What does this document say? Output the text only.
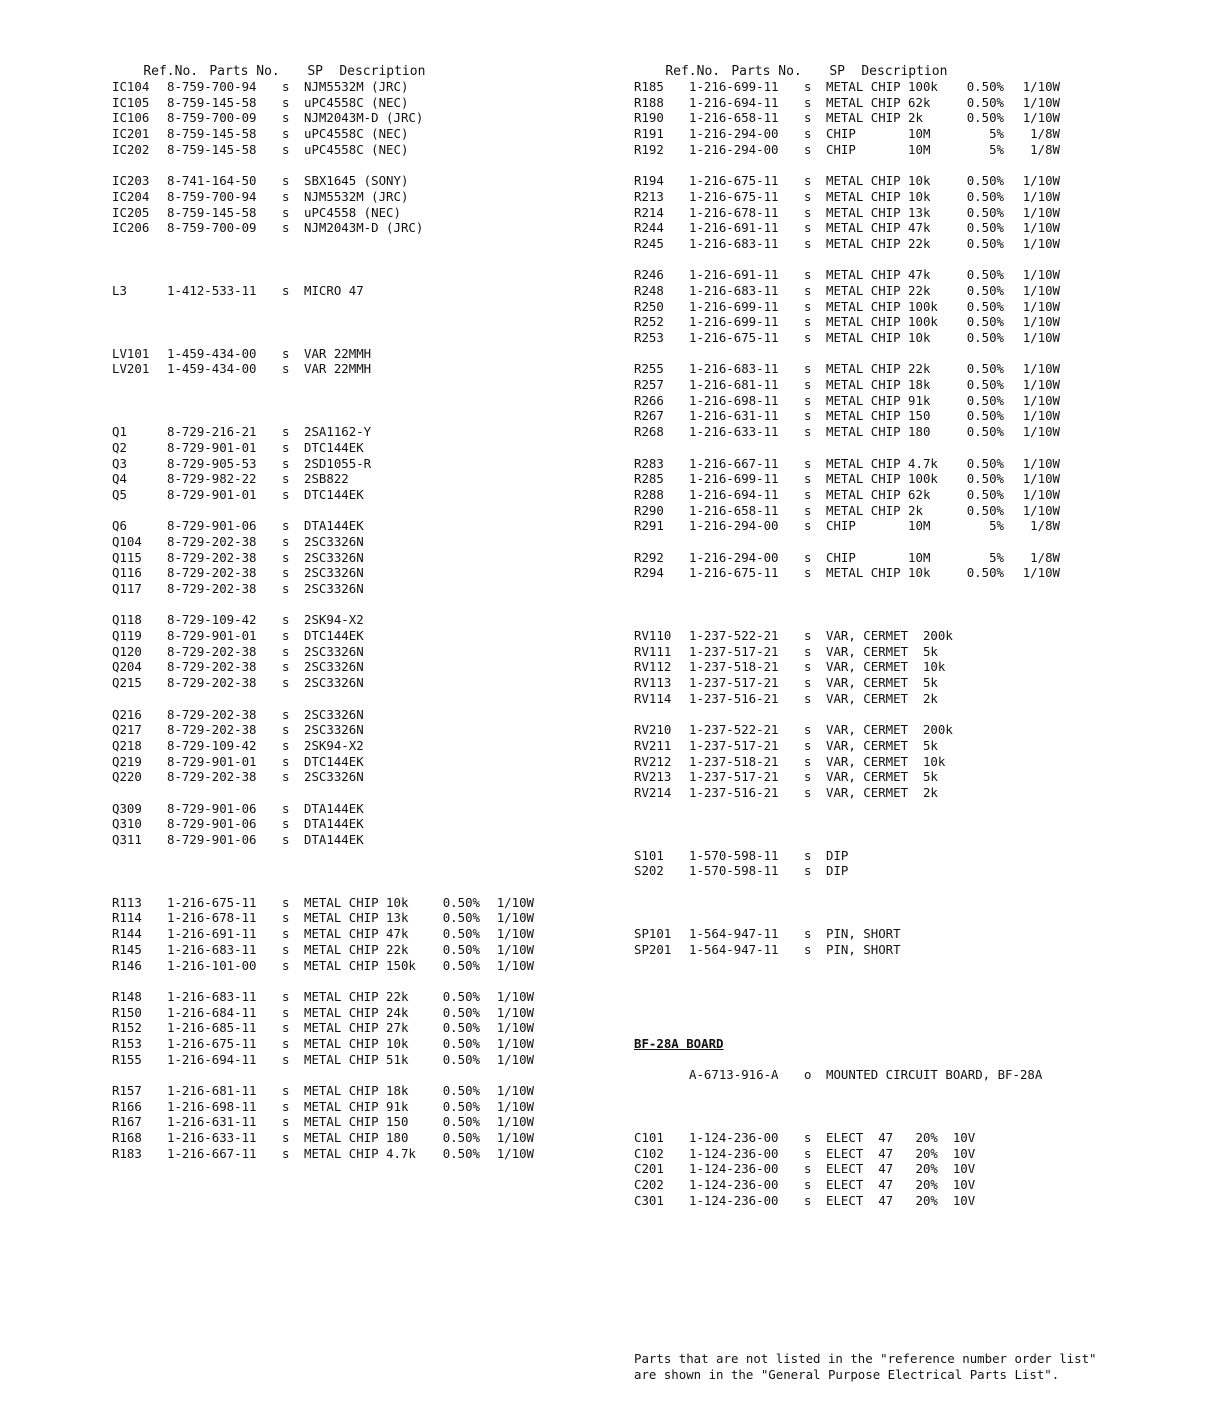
Ref.No. Parts No. SP Description

IC104 8-759-700-94 s NJM5532M (JRC)
IC105 8-759-145-58 s uPC4558C (NEC)
IC106 8-759-700-09 s NJM2043M-D (JRC)
IC201 8-759-145-58 s uPC4558C (NEC)
IC202 8-759-145-58 s uPC4558C (NEC)
IC203 8-741-164-50 s SBX1645 (SONY)
IC204 8-759-700-94 s NJM5532M (JRC)
IC205 8-759-145-58 s uPC4558 (NEC)
IC206 8-759-700-09 s NJM2043M-D (JRC)
L3	1-412-533-11 s MICRO 47
LV101 1-459-434-00 s VAR 22MMH
LV201 1-459-434-00 s VAR 22MMH
Q1	8-729-216-21 s 2SA1162-Y
Q2	8-729-901-01 s DTC144EK
Q3	8-729-905-53 s 2SD1055-R
Q4	8-729-982-22 s 2SB822
Q5	8-729-901-01 s DTC144EK
Q6	8-729-901-06 s DTA144EK
Q104 8-729-202-38 s 2SC3326N
Q115 8-729-202-38 s 2SC3326N
Q116 8-729-202-38 s 2SC3326N
Q117 8-729-202-38 s 2SC3326N
Q118 8-729-109-42 s 2SK94-X2
Q119 8-729-901-01 s DTC144EK
Q120 8-729-202-38 s 2SC3326N
Q204 8-729-202-38 s 2SC3326N
Q215 8-729-202-38 s 2SC3326N
Q216 8-729-202-38 s 2SC3326N
Q217 8-729-202-38 s 2SC3326N
Q218 8-729-109-42 s 2SK94-X2
Q219 8-729-901-01 s DTC144EK
Q220 8-729-202-38 s 2SC3326N
Q309 8-729-901-06 s DTA144EK
Q310 8-729-901-06 s DTA144EK
Q311 8-729-901-06 s DTA144EK
R113 1-216-675-11 s METAL CHIP 10k	0.50%	1/10W
R114 1-216-678-11 s METAL CHIP 13k	0.50%	1/10W
R144 1-216-691-11 s METAL CHIP 47k	0.50%	1/10W
R145 1-216-683-11 s METAL CHIP 22k	0.50%	1/10W
R146 1-216-101-00 s METAL CHIP 150k	0.50%	1/10W
R148 1-216-683-11 s METAL CHIP 22k	0.50%	1/10W
R150 1-216-684-11 s METAL CHIP 24k	0.50%	1/10W
R152 1-216-685-11 s METAL CHIP 27k	0.50%	1/10W
R153 1-216-675-11 s METAL CHIP 10k	0.50%	1/10W
R155 1-216-694-11 s METAL CHIP 51k	0.50%	1/10W
R157 1-216-681-11 s METAL CHIP 18k	0.50%	1/10W
R166 1-216-698-11 s METAL CHIP 91k	0.50%	1/10W
R167 1-216-631-11 s METAL CHIP 150	0.50%	1/10W
R168 1-216-633-11 s METAL CHIP 180	0.50%	1/10W
R183 1-216-667-11 s METAL CHIP 4.7k	0.50%	1/10W

Ref.No. Parts No. SP Description

R185 1-216-699-11 s METAL CHIP 100k	0.50%	1/10W
R188 1-216-694-11 s METAL CHIP 62k	0.50%	1/10W
R190 1-216-658-11 s METAL CHIP 2k	0.50%	1/10W
R191 1-216-294-00 s CHIP       10M	5%	1/8W
R192 1-216-294-00 s CHIP       10M	5%	1/8W
R194 1-216-675-11 s METAL CHIP 10k	0.50%	1/10W
R213 1-216-675-11 s METAL CHIP 10k	0.50%	1/10W
R214 1-216-678-11 s METAL CHIP 13k	0.50%	1/10W
R244 1-216-691-11 s METAL CHIP 47k	0.50%	1/10W
R245 1-216-683-11 s METAL CHIP 22k	0.50%	1/10W
R246 1-216-691-11 s METAL CHIP 47k	0.50%	1/10W
R248 1-216-683-11 s METAL CHIP 22k	0.50%	1/10W
R250 1-216-699-11 s METAL CHIP 100k	0.50%	1/10W
R252 1-216-699-11 s METAL CHIP 100k	0.50%	1/10W
R253 1-216-675-11 s METAL CHIP 10k	0.50%	1/10W
R255 1-216-683-11 s METAL CHIP 22k	0.50%	1/10W
R257 1-216-681-11 s METAL CHIP 18k	0.50%	1/10W
R266 1-216-698-11 s METAL CHIP 91k	0.50%	1/10W
R267 1-216-631-11 s METAL CHIP 150	0.50%	1/10W
R268 1-216-633-11 s METAL CHIP 180	0.50%	1/10W
R283 1-216-667-11 s METAL CHIP 4.7k	0.50%	1/10W
R285 1-216-699-11 s METAL CHIP 100k	0.50%	1/10W
R288 1-216-694-11 s METAL CHIP 62k	0.50%	1/10W
R290 1-216-658-11 s METAL CHIP 2k	0.50%	1/10W
R291 1-216-294-00 s CHIP       10M	5%	1/8W
R292 1-216-294-00 s CHIP       10M	5%	1/8W
R294 1-216-675-11 s METAL CHIP 10k	0.50%	1/10W
RV110 1-237-522-21 s VAR, CERMET  200k
RV111 1-237-517-21 s VAR, CERMET  5k
RV112 1-237-518-21 s VAR, CERMET  10k
RV113 1-237-517-21 s VAR, CERMET  5k
RV114 1-237-516-21 s VAR, CERMET  2k
RV210 1-237-522-21 s VAR, CERMET  200k
RV211 1-237-517-21 s VAR, CERMET  5k
RV212 1-237-518-21 s VAR, CERMET  10k
RV213 1-237-517-21 s VAR, CERMET  5k
RV214 1-237-516-21 s VAR, CERMET  2k
S101 1-570-598-11 s DIP
S202 1-570-598-11 s DIP
SP101 1-564-947-11 s PIN, SHORT
SP201 1-564-947-11 s PIN, SHORT
BF-28A BOARD
A-6713-916-A o MOUNTED CIRCUIT BOARD, BF-28A
C101 1-124-236-00 s ELECT  47   20%  10V
C102 1-124-236-00 s ELECT  47   20%  10V
C201 1-124-236-00 s ELECT  47   20%  10V
C202 1-124-236-00 s ELECT  47   20%  10V
C301 1-124-236-00 s ELECT  47   20%  10V
Parts that are not listed in the "reference number order list"
are shown in the "General Purpose Electrical Parts List".
